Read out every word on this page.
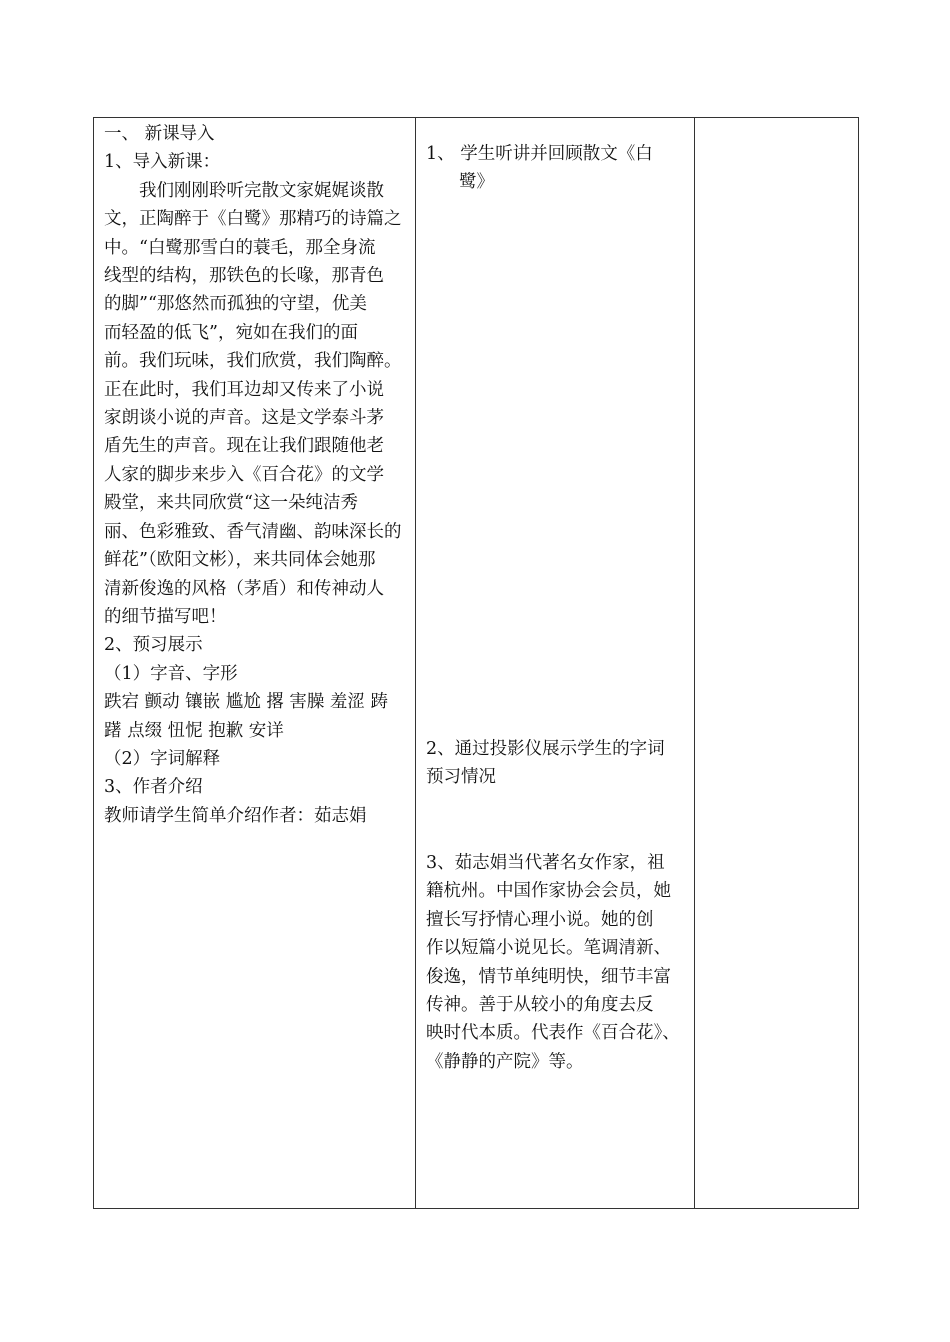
一、 新课导入
1、导入新课：
我们刚刚聆听完散文家娓娓谈散
文，正陶醉于《白鹭》那精巧的诗篇之
中。“白鹭那雪白的蓑毛，那全身流
线型的结构，那铁色的长喙，那青色
的脚”“那悠然而孤独的守望，优美
而轻盈的低飞”，宛如在我们的面
前。我们玩味，我们欣赏，我们陶醉。
正在此时，我们耳边却又传来了小说
家朗谈小说的声音。这是文学泰斗茅
盾先生的声音。现在让我们跟随他老
人家的脚步来步入《百合花》的文学
殿堂，来共同欣赏“这一朵纯洁秀
丽、色彩雅致、香气清幽、韵味深长的
鲜花”（欧阳文彬），来共同体会她那
清新俊逸的风格（茅盾）和传神动人
的细节描写吧！
2、预习展示
（1）字音、字形
跌宕 颤动 镶嵌 尴尬 撂 害臊 羞涩 踌
躇 点缀 忸怩 抱歉 安详
（2）字词解释
3、作者介绍
教师请学生简单介绍作者：茹志娟

1、 学生听讲并回顾散文《白
鹭》
2、通过投影仪展示学生的字词
预习情况
3、茹志娟当代著名女作家，祖
籍杭州。中国作家协会会员，她
擅长写抒情心理小说。她的创
作以短篇小说见长。笔调清新、
俊逸，情节单纯明快，细节丰富
传神。善于从较小的角度去反
映时代本质。代表作《百合花》、
《静静的产院》等。
